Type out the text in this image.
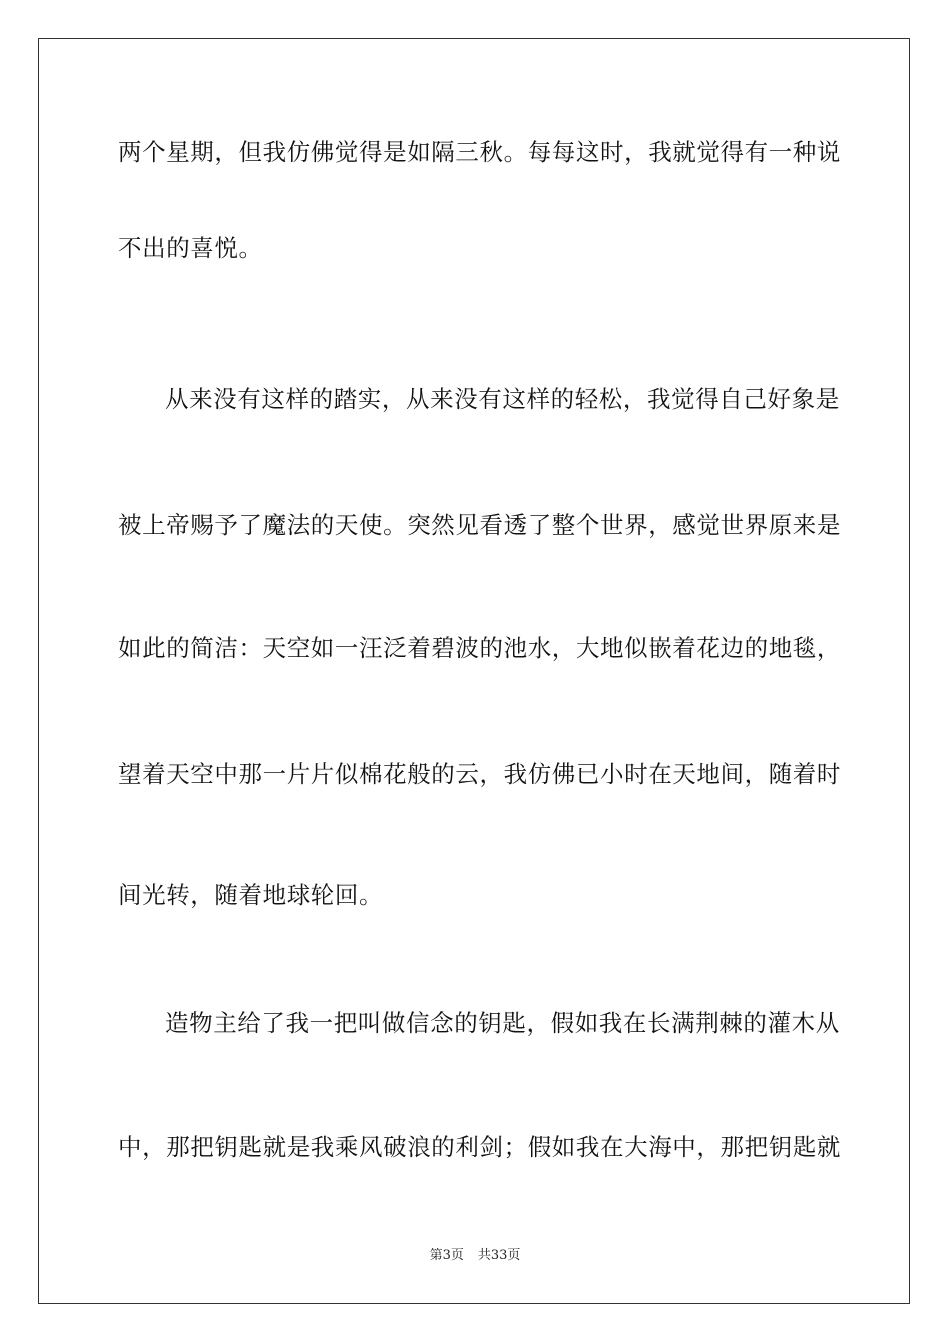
两个星期，但我仿佛觉得是如隔三秋。每每这时，我就觉得有一种说
不出的喜悦。
从来没有这样的踏实，从来没有这样的轻松，我觉得自己好象是
被上帝赐予了魔法的天使。突然见看透了整个世界，感觉世界原来是
如此的简洁：天空如一汪泛着碧波的池水，大地似嵌着花边的地毯，
望着天空中那一片片似棉花般的云，我仿佛已小时在天地间，随着时
间光转，随着地球轮回。
造物主给了我一把叫做信念的钥匙，假如我在长满荆棘的灌木从
中，那把钥匙就是我乘风破浪的利剑；假如我在大海中，那把钥匙就
第3页 共33页
